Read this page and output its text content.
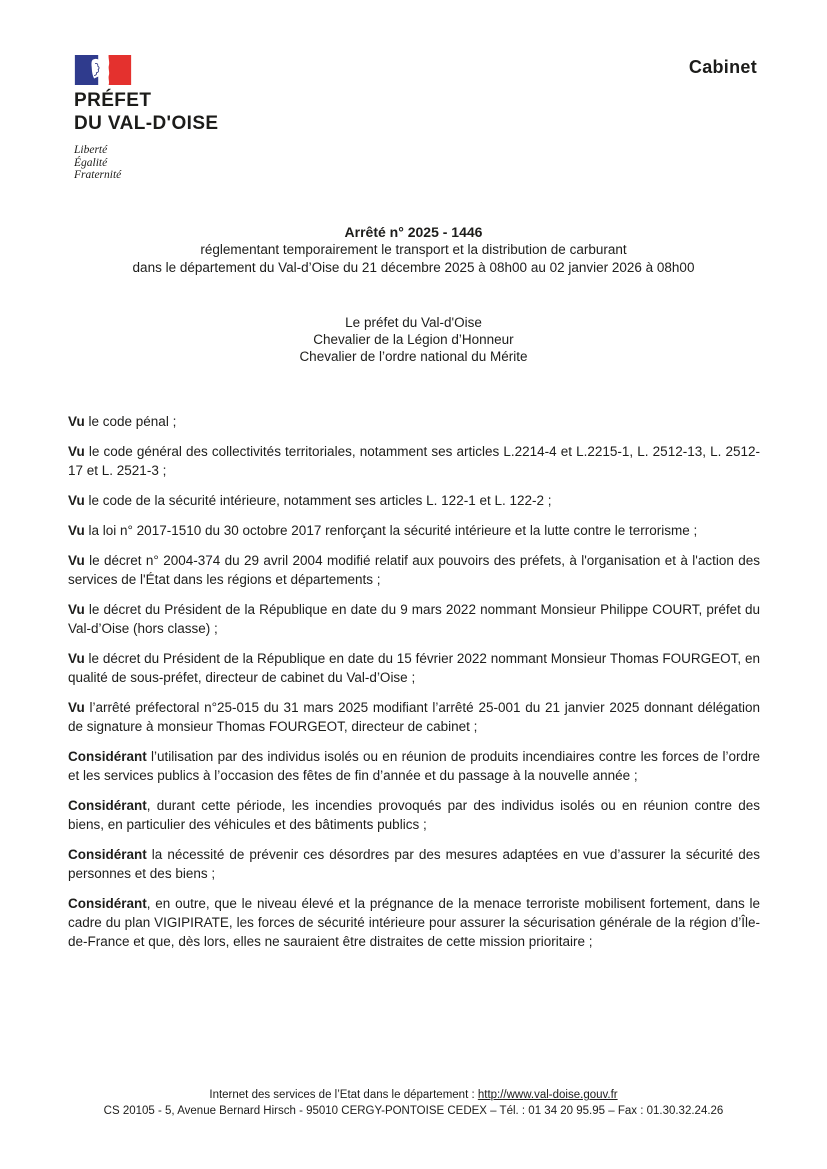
PRÉFET
DU VAL-D'OISE
Liberté
Égalité
Fraternité
Cabinet
Arrêté n° 2025 - 1446
réglementant temporairement le transport et la distribution de carburant
dans le département du Val-d’Oise du 21 décembre 2025 à 08h00 au 02 janvier 2026 à 08h00
Le préfet du Val-d'Oise
Chevalier de la Légion d’Honneur
Chevalier de l’ordre national du Mérite

Vu le code pénal ;

Vu le code général des collectivités territoriales, notamment ses articles L.2214-4 et L.2215-1, L. 2512-13, L. 2512-17 et L. 2521-3 ;

Vu le code de la sécurité intérieure, notamment ses articles L. 122-1 et L. 122-2 ;

Vu la loi n° 2017-1510 du 30 octobre 2017 renforçant la sécurité intérieure et la lutte contre le terrorisme ;

Vu le décret n° 2004-374 du 29 avril 2004 modifié relatif aux pouvoirs des préfets, à l'organisation et à l'action des services de l'État dans les régions et départements ;

Vu le décret du Président de la République en date du 9 mars 2022 nommant Monsieur Philippe COURT, préfet du Val-d’Oise (hors classe) ;

Vu le décret du Président de la République en date du 15 février 2022 nommant Monsieur Thomas FOURGEOT, en qualité de sous-préfet, directeur de cabinet du Val-d’Oise ;

Vu l’arrêté préfectoral n°25-015 du 31 mars 2025 modifiant l’arrêté 25-001 du 21 janvier 2025 donnant délégation de signature à monsieur Thomas FOURGEOT, directeur de cabinet ;

Considérant l’utilisation par des individus isolés ou en réunion de produits incendiaires contre les forces de l’ordre et les services publics à l’occasion des fêtes de fin d’année et du passage à la nouvelle année ;

Considérant, durant cette période, les incendies provoqués par des individus isolés ou en réunion contre des biens, en particulier des véhicules et des bâtiments publics ;

Considérant la nécessité de prévenir ces désordres par des mesures adaptées en vue d’assurer la sécurité des personnes et des biens ;

Considérant, en outre, que le niveau élevé et la prégnance de la menace terroriste mobilisent fortement, dans le cadre du plan VIGIPIRATE, les forces de sécurité intérieure pour assurer la sécurisation générale de la région d’Île-de-France et que, dès lors, elles ne sauraient être distraites de cette mission prioritaire ;

Internet des services de l’Etat dans le département : http://www.val-doise.gouv.fr
CS 20105 - 5, Avenue Bernard Hirsch - 95010 CERGY-PONTOISE CEDEX – Tél. : 01 34 20 95.95 – Fax : 01.30.32.24.26
